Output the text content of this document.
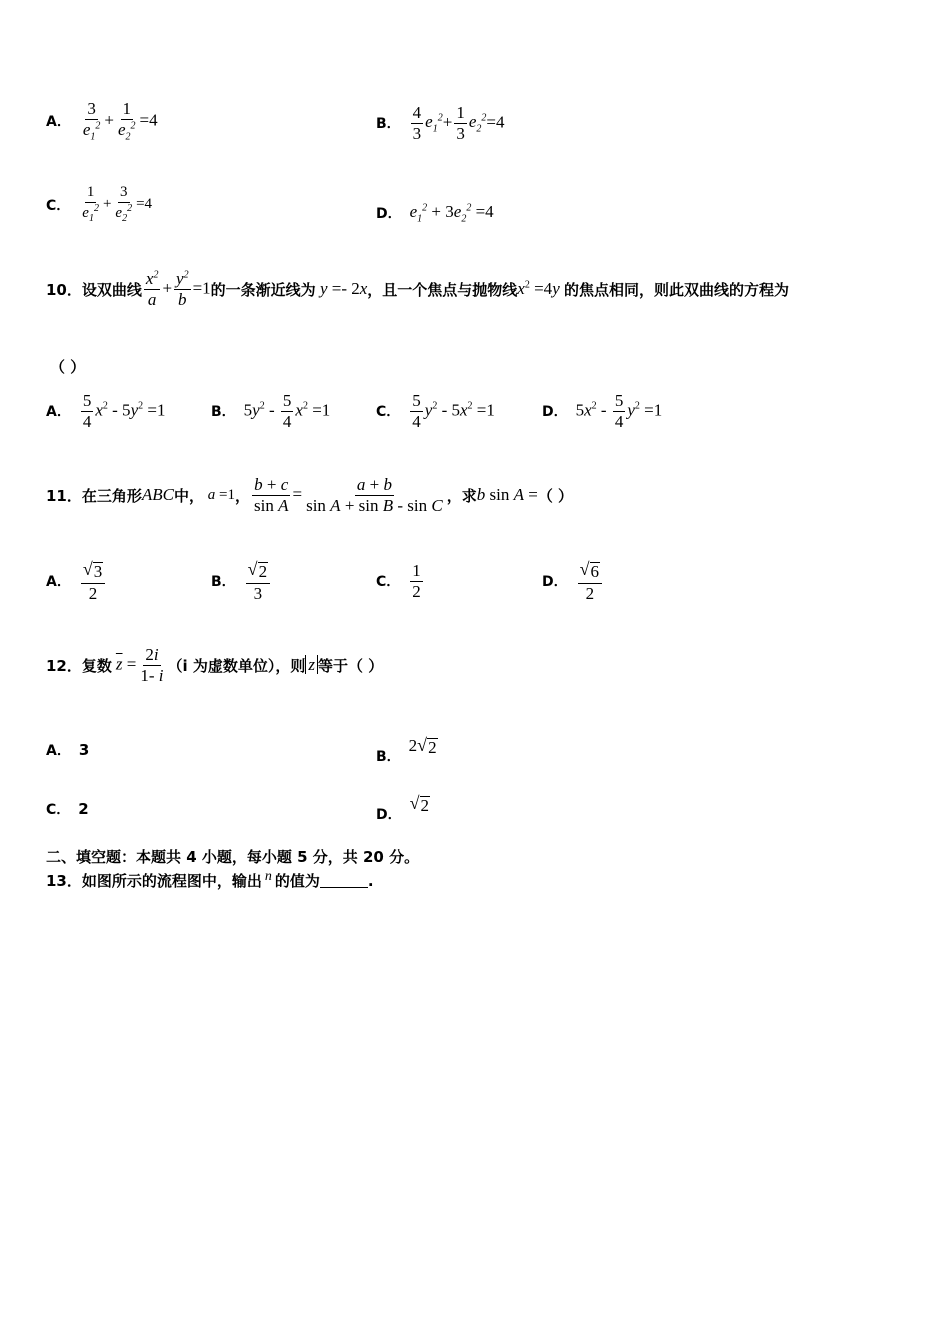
A． $\frac{3}{e_1^2} + \frac{1}{e_2^2} =4$	B． $\frac{4}{3} e_1^2+ \frac{1}{3} e_2^2=4$
C． $\frac{1}{e_1^2} + \frac{3}{e_2^2} =4$
D． $e_1^2 + 3e_2^2 =4$
10． 设双曲线 $\frac{x^2}{a} + \frac{y^2}{b} =1$ 的一条渐近线为 y =- 2x ，且一个焦点与抛物线 $x^2 =4y$ 的焦点相同，则此双曲线的方程为
（ ）
A． $\frac{5}{4} x^2 - 5y^2 =1$	B． $5y^2 - \frac{5}{4} x^2 =1$	C． $\frac{5}{4} y^2 - 5x^2 =1$	D． $5x^2 - \frac{5}{4} y^2 =1$
11． 在三角形 ABC 中， a =1 ， $\frac{b + c}{\text{sin A}} = \frac{a + b}{\text{sin A + sin B - sin C}}$ ，求 b sin A = （ ）
A． $\frac{√ 3}{2}$	B． $\frac{√ 2}{3}$	C． $\frac{1}{2}$	D． $\frac{√ 6}{2}$
12． 复数 $\overline{z} = \frac{2i}{1- i} (i$ 为虚数单位），则 z 等于（ ）
A． 3	B．
2 √ 2
C． 2	D．
√ 2
二、填空题：本题共 4 小题，每小题 5 分，共 20 分。
13． 如图所示的流程图中，输出 n 的值为	.
